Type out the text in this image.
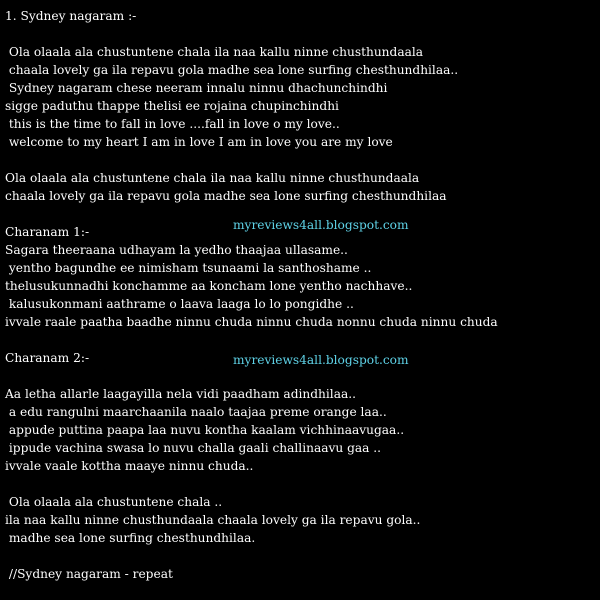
1. Sydney nagaram :-
Ola olaala ala chustuntene chala ila naa kallu ninne chusthundaala
chaala lovely ga ila repavu gola madhe sea lone surfing chesthundhilaa..
Sydney nagaram chese neeram innalu ninnu dhachunchindhi
sigge paduthu thappe thelisi ee rojaina chupinchindhi
this is the time to fall in love ....fall in love o my love..
welcome to my heart I am in love I am in love you are my love
Ola olaala ala chustuntene chala ila naa kallu ninne chusthundaala
chaala lovely ga ila repavu gola madhe sea lone surfing chesthundhilaa
Charanam 1:-	myreviews4all.blogspot.com
Sagara theeraana udhayam la yedho thaajaa ullasame..
yentho bagundhe ee nimisham tsunaami la santhoshame ..
thelusukunnadhi konchamme aa koncham lone yentho nachhave..
kalusukonmani aathrame o laava laaga lo lo pongidhe ..
ivvale raale paatha baadhe ninnu chuda ninnu chuda nonnu chuda ninnu chuda
Charanam 2:-	myreviews4all.blogspot.com
Aa letha allarle laagayilla nela vidi paadham adindhilaa..
a edu rangulni maarchaanila naalo taajaa preme orange laa..
appude puttina paapa laa nuvu kontha kaalam vichhinaavugaa..
ippude vachina swasa lo nuvu challa gaali challinaavu gaa ..
ivvale vaale kottha maaye ninnu chuda..
Ola olaala ala chustuntene chala ..
ila naa kallu ninne chusthundaala chaala lovely ga ila repavu gola..
madhe sea lone surfing chesthundhilaa.
//Sydney nagaram - repeat
